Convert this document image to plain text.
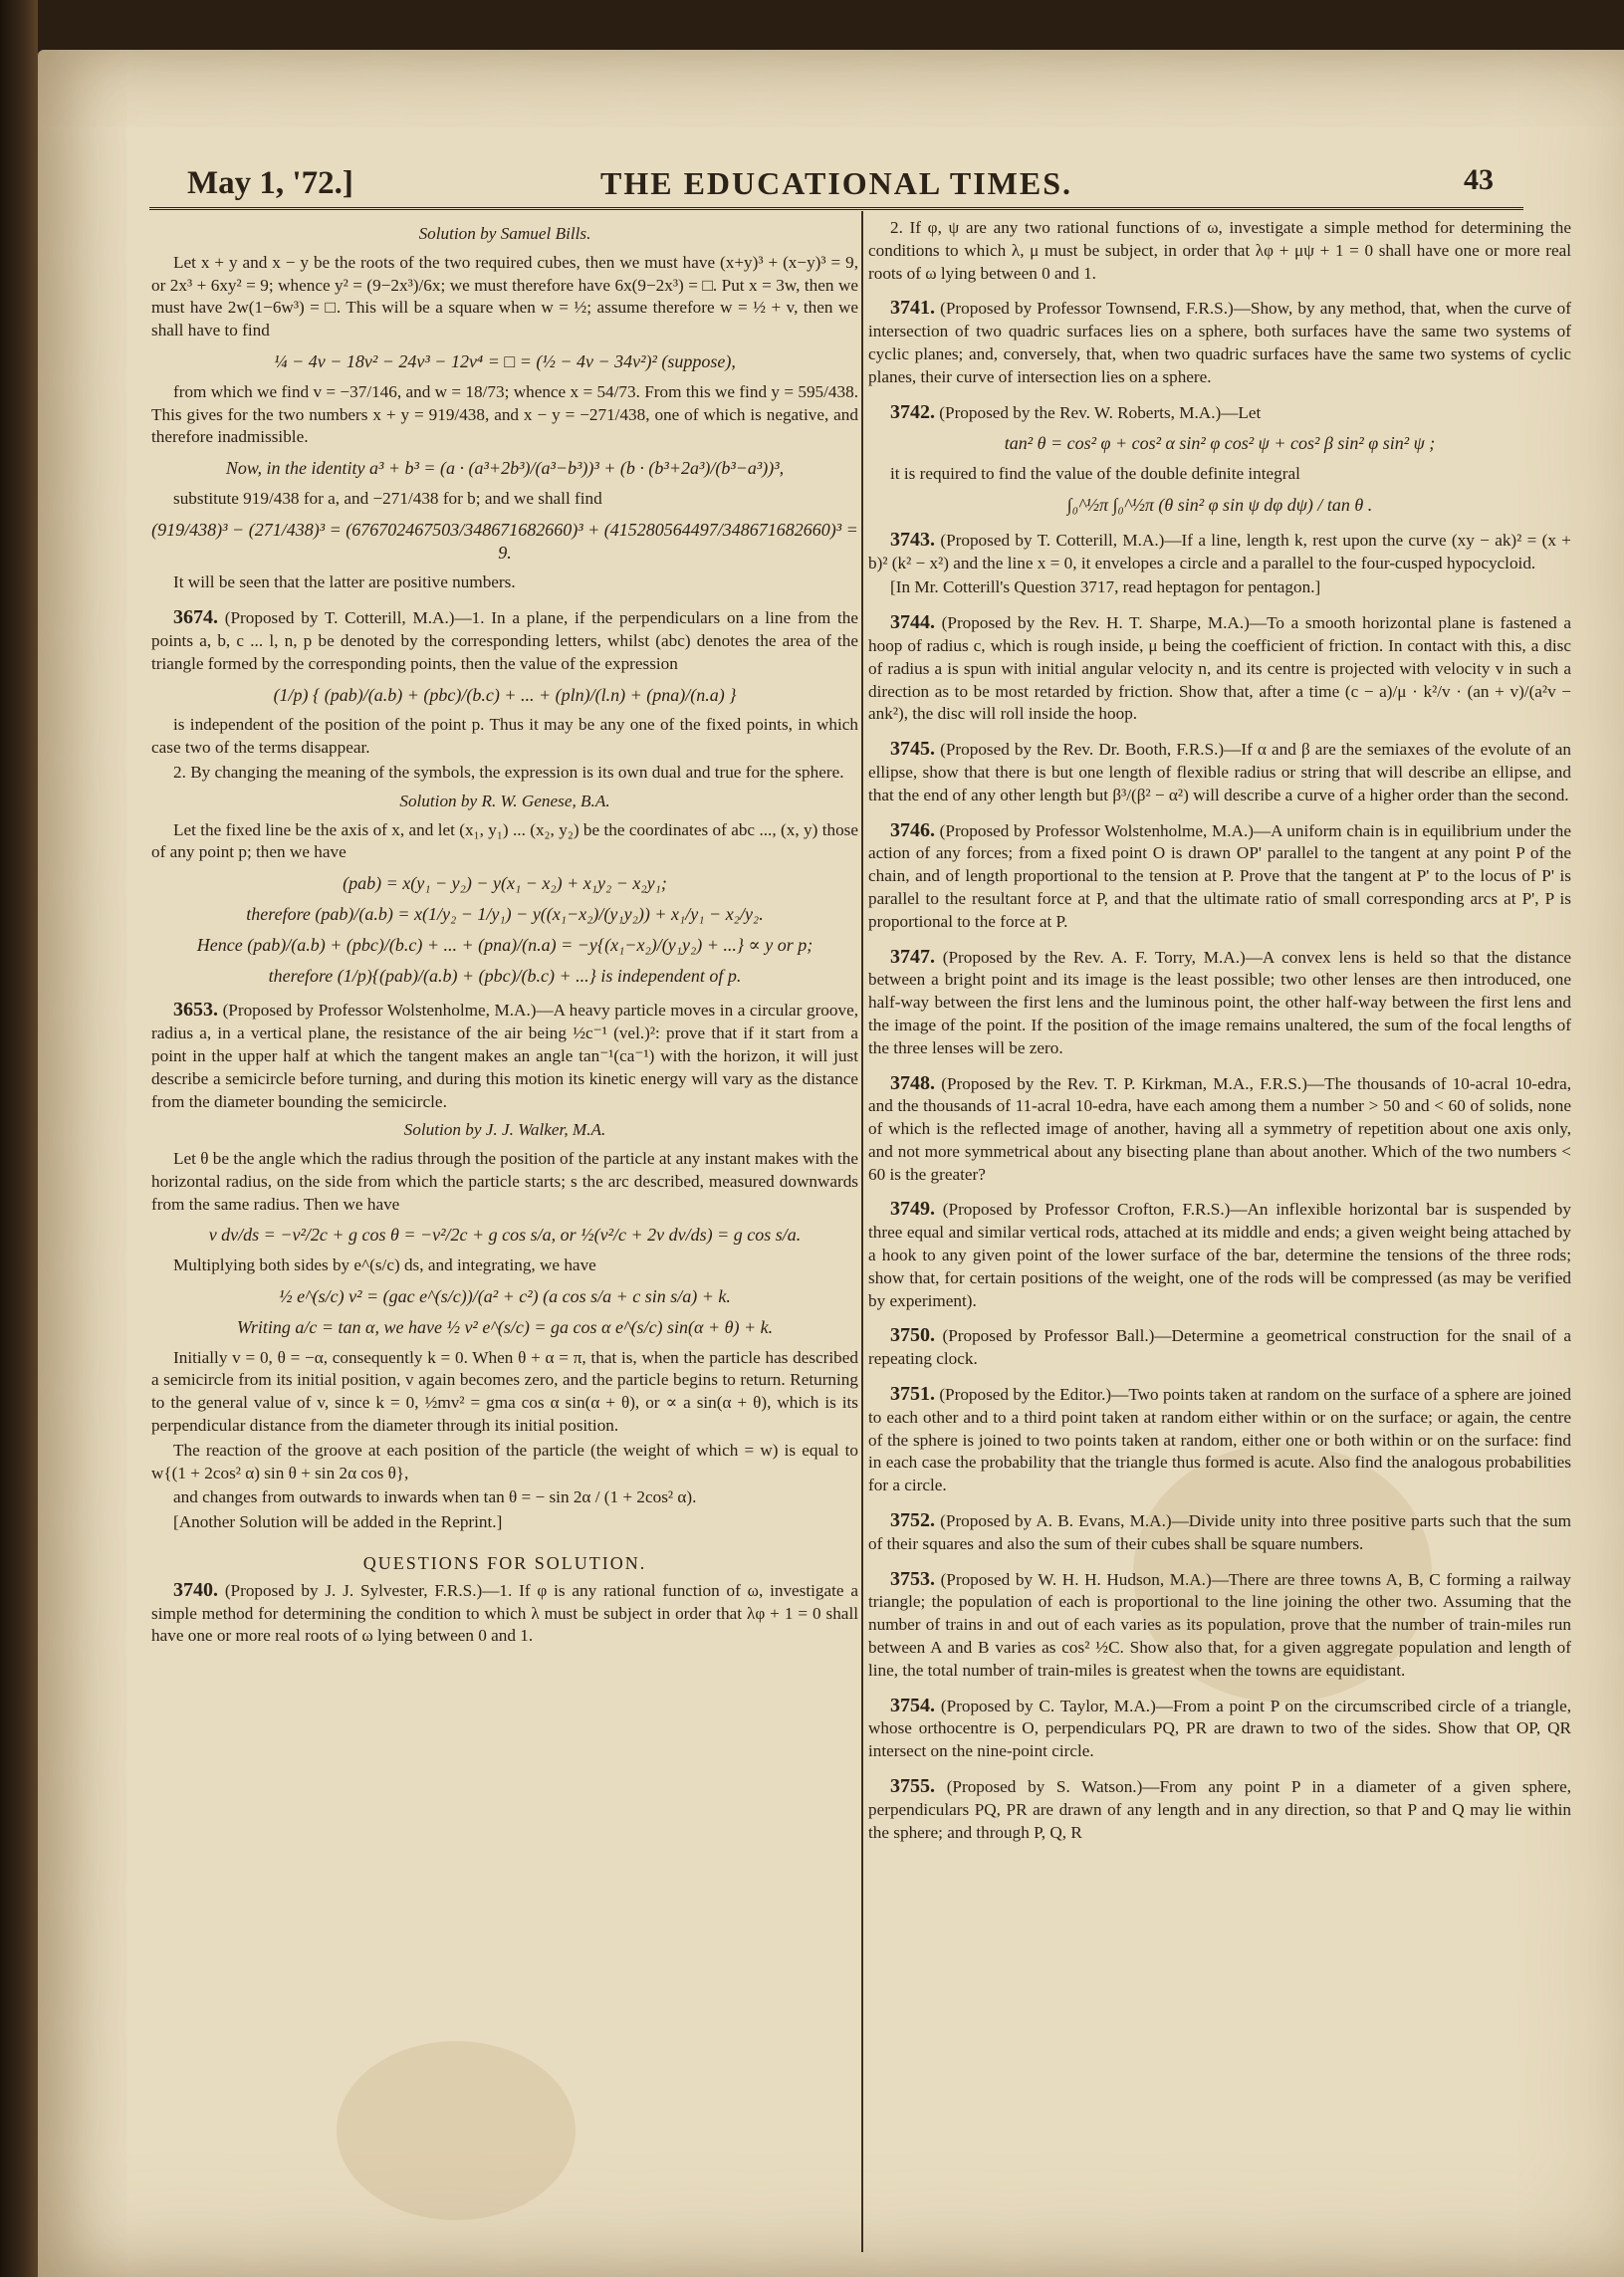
May 1, '72.]	THE EDUCATIONAL TIMES.	43
Solution by Samuel Bills.

Let x + y and x − y be the roots of the two required cubes, then we must have (x+y)³ + (x−y)³ = 9, or 2x³ + 6xy² = 9; whence y² = (9−2x³)/6x; we must therefore have 6x(9−2x³) = □. Put x = 3w, then we must have 2w(1−6w³) = □. This will be a square when w = ½; assume therefore w = ½ + v, then we shall have to find

¼ − 4v − 18v² − 24v³ − 12v⁴ = □ = (½ − 4v − 34v²)² (suppose),

from which we find v = −37/146, and w = 18/73; whence x = 54/73. From this we find y = 595/438. This gives for the two numbers x + y = 919/438, and x − y = −271/438, one of which is negative, and therefore inadmissible.

Now, in the identity a³ + b³ = (a · (a³+2b³)/(a³−b³))³ + (b · (b³+2a³)/(b³−a³))³,

substitute 919/438 for a, and −271/438 for b; and we shall find

(919/438)³ − (271/438)³ = (676702467503/348671682660)³ + (415280564497/348671682660)³ = 9.

It will be seen that the latter are positive numbers.

3674. (Proposed by T. Cotterill, M.A.)—1. In a plane, if the perpendiculars on a line from the points a, b, c ... l, n, p be denoted by the corresponding letters, whilst (abc) denotes the area of the triangle formed by the corresponding points, then the value of the expression

(1/p) { (pab)/(a.b) + (pbc)/(b.c) + ... + (pln)/(l.n) + (pna)/(n.a) }

is independent of the position of the point p. Thus it may be any one of the fixed points, in which case two of the terms disappear.

2. By changing the meaning of the symbols, the expression is its own dual and true for the sphere.

Solution by R. W. Genese, B.A.

Let the fixed line be the axis of x, and let (x₁, y₁) ... (x₂, y₂) be the coordinates of abc ..., (x, y) those of any point p; then we have

(pab) = x(y₁ − y₂) − y(x₁ − x₂) + x₁y₂ − x₂y₁;
therefore (pab)/(a.b) = x(1/y₂ − 1/y₁) − y((x₁−x₂)/(y₁y₂)) + x₁/y₁ − x₂/y₂.
Hence (pab)/(a.b) + (pbc)/(b.c) + ... + (pna)/(n.a) = −y{(x₁−x₂)/(y₁y₂) + ...} ∝ y or p;
therefore (1/p){(pab)/(a.b) + (pbc)/(b.c) + ...} is independent of p.

3653. (Proposed by Professor Wolstenholme, M.A.)—A heavy particle moves in a circular groove, radius a, in a vertical plane, the resistance of the air being ½c⁻¹ (vel.)²: prove that if it start from a point in the upper half at which the tangent makes an angle tan⁻¹(ca⁻¹) with the horizon, it will just describe a semicircle before turning, and during this motion its kinetic energy will vary as the distance from the diameter bounding the semicircle.

Solution by J. J. Walker, M.A.

Let θ be the angle which the radius through the position of the particle at any instant makes with the horizontal radius, on the side from which the particle starts; s the arc described, measured downwards from the same radius. Then we have

v dv/ds = −v²/2c + g cos θ = −v²/2c + g cos s/a, or ½(v²/c + 2v dv/ds) = g cos s/a.

Multiplying both sides by e^(s/c) ds, and integrating, we have

½ e^(s/c) v² = (gac e^(s/c))/(a² + c²) (a cos s/a + c sin s/a) + k.
Writing a/c = tan α, we have ½ v² e^(s/c) = ga cos α e^(s/c) sin(α + θ) + k.

Initially v = 0, θ = −α, consequently k = 0. When θ + α = π, that is, when the particle has described a semicircle from its initial position, v again becomes zero, and the particle begins to return. Returning to the general value of v, since k = 0, ½mv² = gma cos α sin(α + θ), or ∝ a sin(α + θ), which is its perpendicular distance from the diameter through its initial position.

The reaction of the groove at each position of the particle (the weight of which = w) is equal to w{(1 + 2cos² α) sin θ + sin 2α cos θ},

and changes from outwards to inwards when tan θ = − sin 2α / (1 + 2cos² α).

[Another Solution will be added in the Reprint.]

QUESTIONS FOR SOLUTION.

3740. (Proposed by J. J. Sylvester, F.R.S.)—1. If φ is any rational function of ω, investigate a simple method for determining the condition to which λ must be subject in order that λφ + 1 = 0 shall have one or more real roots of ω lying between 0 and 1.

2. If φ, ψ are any two rational functions of ω, investigate a simple method for determining the conditions to which λ, μ must be subject, in order that λφ + μψ + 1 = 0 shall have one or more real roots of ω lying between 0 and 1.

3741. (Proposed by Professor Townsend, F.R.S.)—Show, by any method, that, when the curve of intersection of two quadric surfaces lies on a sphere, both surfaces have the same two systems of cyclic planes; and, conversely, that, when two quadric surfaces have the same two systems of cyclic planes, their curve of intersection lies on a sphere.

3742. (Proposed by the Rev. W. Roberts, M.A.)—Let

tan² θ = cos² φ + cos² α sin² φ cos² ψ + cos² β sin² φ sin² ψ ;

it is required to find the value of the double definite integral

∫₀^½π ∫₀^½π (θ sin² φ sin ψ dφ dψ) / tan θ .

3743. (Proposed by T. Cotterill, M.A.)—If a line, length k, rest upon the curve (xy − ak)² = (x + b)² (k² − x²) and the line x = 0, it envelopes a circle and a parallel to the four-cusped hypocycloid.

[In Mr. Cotterill's Question 3717, read heptagon for pentagon.]

3744. (Proposed by the Rev. H. T. Sharpe, M.A.)—To a smooth horizontal plane is fastened a hoop of radius c, which is rough inside, μ being the coefficient of friction. In contact with this, a disc of radius a is spun with initial angular velocity n, and its centre is projected with velocity v in such a direction as to be most retarded by friction. Show that, after a time (c − a)/μ · k²/v · (an + v)/(a²v − ank²), the disc will roll inside the hoop.

3745. (Proposed by the Rev. Dr. Booth, F.R.S.)—If α and β are the semiaxes of the evolute of an ellipse, show that there is but one length of flexible radius or string that will describe an ellipse, and that the end of any other length but β³/(β² − α²) will describe a curve of a higher order than the second.

3746. (Proposed by Professor Wolstenholme, M.A.)—A uniform chain is in equilibrium under the action of any forces; from a fixed point O is drawn OP' parallel to the tangent at any point P of the chain, and of length proportional to the tension at P. Prove that the tangent at P' to the locus of P' is parallel to the resultant force at P, and that the ultimate ratio of small corresponding arcs at P', P is proportional to the force at P.

3747. (Proposed by the Rev. A. F. Torry, M.A.)—A convex lens is held so that the distance between a bright point and its image is the least possible; two other lenses are then introduced, one half-way between the first lens and the luminous point, the other half-way between the first lens and the image of the point. If the position of the image remains unaltered, the sum of the focal lengths of the three lenses will be zero.

3748. (Proposed by the Rev. T. P. Kirkman, M.A., F.R.S.)—The thousands of 10-acral 10-edra, and the thousands of 11-acral 10-edra, have each among them a number > 50 and < 60 of solids, none of which is the reflected image of another, having all a symmetry of repetition about one axis only, and not more symmetrical about any bisecting plane than about another. Which of the two numbers < 60 is the greater?

3749. (Proposed by Professor Crofton, F.R.S.)—An inflexible horizontal bar is suspended by three equal and similar vertical rods, attached at its middle and ends; a given weight being attached by a hook to any given point of the lower surface of the bar, determine the tensions of the three rods; show that, for certain positions of the weight, one of the rods will be compressed (as may be verified by experiment).

3750. (Proposed by Professor Ball.)—Determine a geometrical construction for the snail of a repeating clock.

3751. (Proposed by the Editor.)—Two points taken at random on the surface of a sphere are joined to each other and to a third point taken at random either within or on the surface; or again, the centre of the sphere is joined to two points taken at random, either one or both within or on the surface: find in each case the probability that the triangle thus formed is acute. Also find the analogous probabilities for a circle.

3752. (Proposed by A. B. Evans, M.A.)—Divide unity into three positive parts such that the sum of their squares and also the sum of their cubes shall be square numbers.

3753. (Proposed by W. H. H. Hudson, M.A.)—There are three towns A, B, C forming a railway triangle; the population of each is proportional to the line joining the other two. Assuming that the number of trains in and out of each varies as its population, prove that the number of train-miles run between A and B varies as cos² ½C. Show also that, for a given aggregate population and length of line, the total number of train-miles is greatest when the towns are equidistant.

3754. (Proposed by C. Taylor, M.A.)—From a point P on the circumscribed circle of a triangle, whose orthocentre is O, perpendiculars PQ, PR are drawn to two of the sides. Show that OP, QR intersect on the nine-point circle.

3755. (Proposed by S. Watson.)—From any point P in a diameter of a given sphere, perpendiculars PQ, PR are drawn of any length and in any direction, so that P and Q may lie within the sphere; and through P, Q, R
